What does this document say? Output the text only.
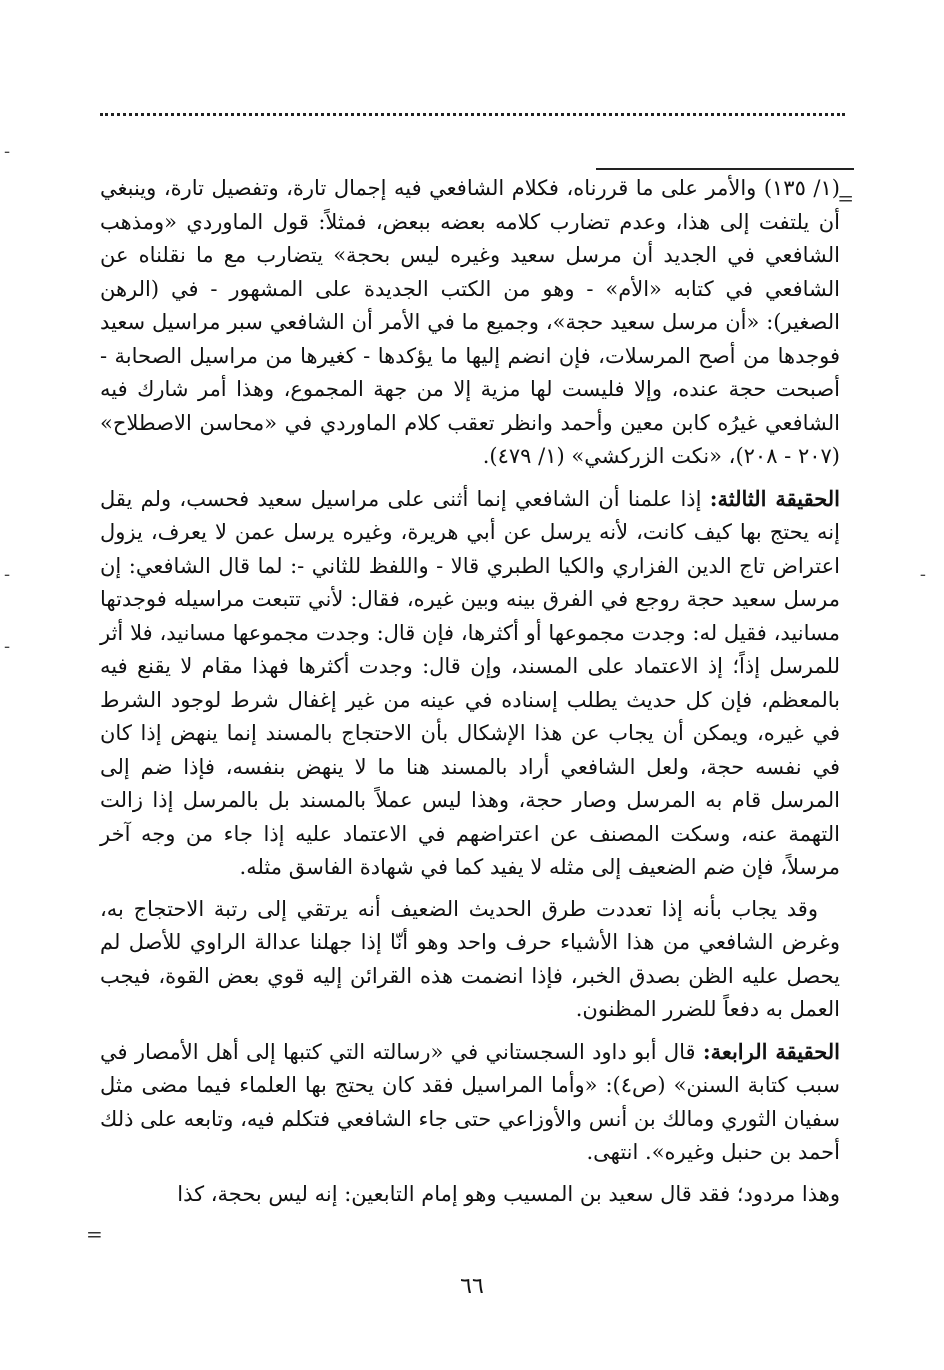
-
-
-
-
=

(١/ ١٣٥) والأمر على ما قررناه، فكلام الشافعي فيه إجمال تارة، وتفصيل تارة، وينبغي أن يلتفت إلى هذا، وعدم تضارب كلامه بعضه ببعض، فمثلاً: قول الماوردي «ومذهب الشافعي في الجديد أن مرسل سعيد وغيره ليس بحجة» يتضارب مع ما نقلناه عن الشافعي في كتابه «الأم» - وهو من الكتب الجديدة على المشهور - في (الرهن الصغير): «أن مرسل سعيد حجة»، وجميع ما في الأمر أن الشافعي سبر مراسيل سعيد فوجدها من أصح المرسلات، فإن انضم إليها ما يؤكدها - كغيرها من مراسيل الصحابة - أصبحت حجة عنده، وإلا فليست لها مزية إلا من جهة المجموع، وهذا أمر شارك فيه الشافعي غيرُه كابن معين وأحمد وانظر تعقب كلام الماوردي في «محاسن الاصطلاح» (٢٠٧ - ٢٠٨)، «نكت الزركشي» (١/ ٤٧٩).

الحقيقة الثالثة: إذا علمنا أن الشافعي إنما أثنى على مراسيل سعيد فحسب، ولم يقل إنه يحتج بها كيف كانت، لأنه يرسل عن أبي هريرة، وغيره يرسل عمن لا يعرف، يزول اعتراض تاج الدين الفزاري والكيا الطبري قالا - واللفظ للثاني -: لما قال الشافعي: إن مرسل سعيد حجة روجع في الفرق بينه وبين غيره، فقال: لأني تتبعت مراسيله فوجدتها مسانيد، فقيل له: وجدت مجموعها أو أكثرها، فإن قال: وجدت مجموعها مسانيد، فلا أثر للمرسل إذاً؛ إذ الاعتماد على المسند، وإن قال: وجدت أكثرها فهذا مقام لا يقنع فيه بالمعظم، فإن كل حديث يطلب إسناده في عينه من غير إغفال شرط لوجود الشرط في غيره، ويمكن أن يجاب عن هذا الإشكال بأن الاحتجاج بالمسند إنما ينهض إذا كان في نفسه حجة، ولعل الشافعي أراد بالمسند هنا ما لا ينهض بنفسه، فإذا ضم إلى المرسل قام به المرسل وصار حجة، وهذا ليس عملاً بالمسند بل بالمرسل إذا زالت التهمة عنه، وسكت المصنف عن اعتراضهم في الاعتماد عليه إذا جاء من وجه آخر مرسلاً، فإن ضم الضعيف إلى مثله لا يفيد كما في شهادة الفاسق مثله.

وقد يجاب بأنه إذا تعددت طرق الحديث الضعيف أنه يرتقي إلى رتبة الاحتجاج به، وغرض الشافعي من هذا الأشياء حرف واحد وهو أنّا إذا جهلنا عدالة الراوي للأصل لم يحصل عليه الظن بصدق الخبر، فإذا انضمت هذه القرائن إليه قوي بعض القوة، فيجب العمل به دفعاً للضرر المظنون.

الحقيقة الرابعة: قال أبو داود السجستاني في «رسالته التي كتبها إلى أهل الأمصار في سبب كتابة السنن» (ص٤): «وأما المراسيل فقد كان يحتج بها العلماء فيما مضى مثل سفيان الثوري ومالك بن أنس والأوزاعي حتى جاء الشافعي فتكلم فيه، وتابعه على ذلك أحمد بن حنبل وغيره». انتهى.

وهذا مردود؛ فقد قال سعيد بن المسيب وهو إمام التابعين: إنه ليس بحجة، كذا

=
٦٦
